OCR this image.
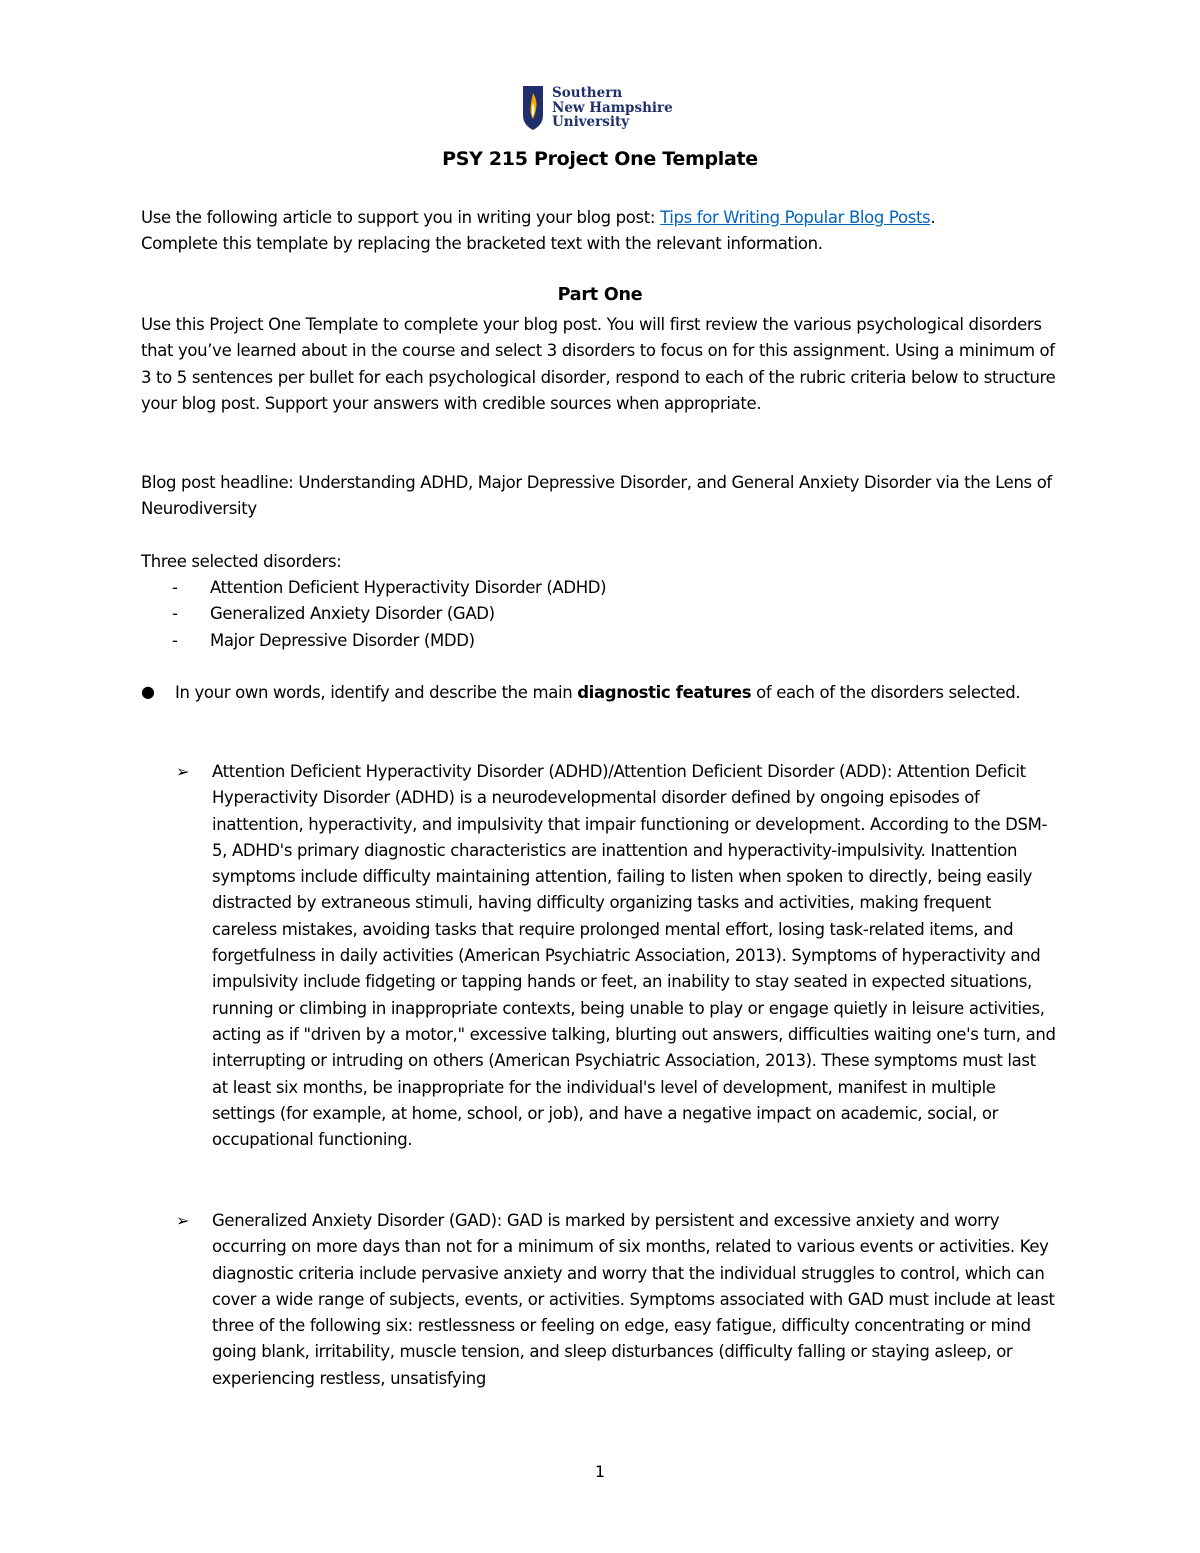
Southern
New Hampshire
University
PSY 215 Project One Template

Use the following article to support you in writing your blog post: Tips for Writing Popular Blog Posts.

Complete this template by replacing the bracketed text with the relevant information.

Part One
Use this Project One Template to complete your blog post. You will first review the various psychological disorders that you’ve learned about in the course and select 3 disorders to focus on for this assignment. Using a minimum of 3 to 5 sentences per bullet for each psychological disorder, respond to each of the rubric criteria below to structure your blog post. Support your answers with credible sources when appropriate.
Blog post headline: Understanding ADHD, Major Depressive Disorder, and General Anxiety Disorder via the Lens of Neurodiversity
Three selected disorders:
- Attention Deficient Hyperactivity Disorder (ADHD)
- Generalized Anxiety Disorder (GAD)
- Major Depressive Disorder (MDD)
● In your own words, identify and describe the main diagnostic features of each of the disorders selected.
➢ Attention Deficient Hyperactivity Disorder (ADHD)/Attention Deficient Disorder (ADD): Attention Deficit Hyperactivity Disorder (ADHD) is a neurodevelopmental disorder defined by ongoing episodes of inattention, hyperactivity, and impulsivity that impair functioning or development. According to the DSM-5, ADHD's primary diagnostic characteristics are inattention and hyperactivity-impulsivity. Inattention symptoms include difficulty maintaining attention, failing to listen when spoken to directly, being easily distracted by extraneous stimuli, having difficulty organizing tasks and activities, making frequent careless mistakes, avoiding tasks that require prolonged mental effort, losing task-related items, and forgetfulness in daily activities (American Psychiatric Association, 2013). Symptoms of hyperactivity and impulsivity include fidgeting or tapping hands or feet, an inability to stay seated in expected situations, running or climbing in inappropriate contexts, being unable to play or engage quietly in leisure activities, acting as if "driven by a motor," excessive talking, blurting out answers, difficulties waiting one's turn, and interrupting or intruding on others (American Psychiatric Association, 2013). These symptoms must last at least six months, be inappropriate for the individual's level of development, manifest in multiple settings (for example, at home, school, or job), and have a negative impact on academic, social, or occupational functioning.
➢ Generalized Anxiety Disorder (GAD): GAD is marked by persistent and excessive anxiety and worry occurring on more days than not for a minimum of six months, related to various events or activities. Key diagnostic criteria include pervasive anxiety and worry that the individual struggles to control, which can cover a wide range of subjects, events, or activities. Symptoms associated with GAD must include at least three of the following six: restlessness or feeling on edge, easy fatigue, difficulty concentrating or mind going blank, irritability, muscle tension, and sleep disturbances (difficulty falling or staying asleep, or experiencing restless, unsatisfying
1
